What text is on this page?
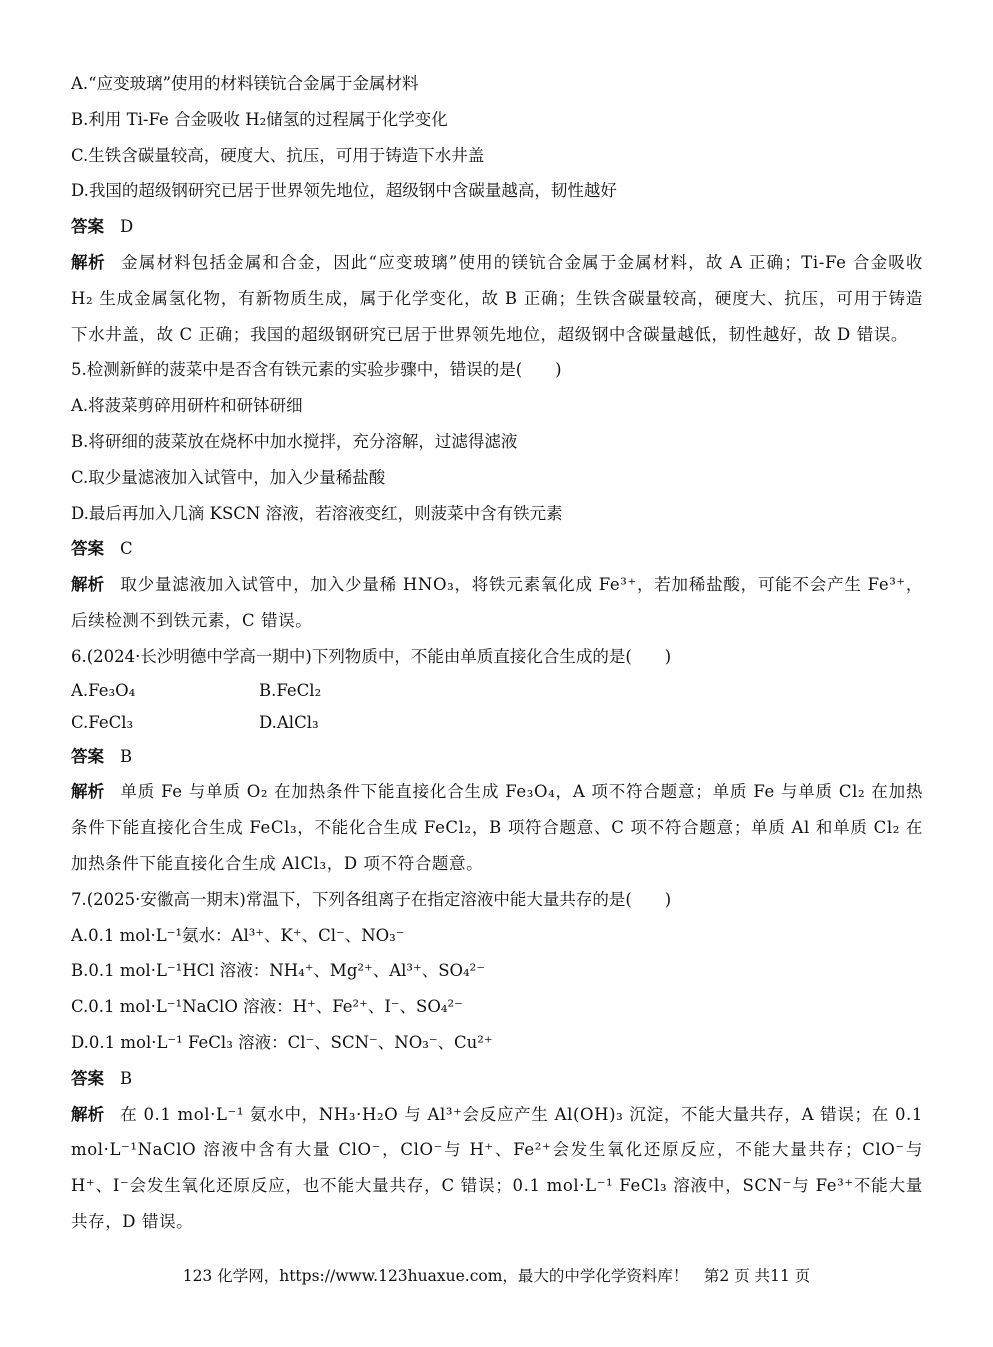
A.“应变玻璃”使用的材料镁钪合金属于金属材料
B.利用 Ti-Fe 合金吸收 H₂储氢的过程属于化学变化
C.生铁含碳量较高，硬度大、抗压，可用于铸造下水井盖
D.我国的超级钢研究已居于世界领先地位，超级钢中含碳量越高，韧性越好
答案 D
解析 金属材料包括金属和合金，因此“应变玻璃”使用的镁钪合金属于金属材料，故 A 正确；Ti-Fe 合金吸收 H₂ 生成金属氢化物，有新物质生成，属于化学变化，故 B 正确；生铁含碳量较高，硬度大、抗压，可用于铸造下水井盖，故 C 正确；我国的超级钢研究已居于世界领先地位，超级钢中含碳量越低，韧性越好，故 D 错误。
5.检测新鲜的菠菜中是否含有铁元素的实验步骤中，错误的是(　　)
A.将菠菜剪碎用研杵和研钵研细
B.将研细的菠菜放在烧杯中加水搅拌，充分溶解，过滤得滤液
C.取少量滤液加入试管中，加入少量稀盐酸
D.最后再加入几滴 KSCN 溶液，若溶液变红，则菠菜中含有铁元素
答案 C
解析 取少量滤液加入试管中，加入少量稀 HNO₃，将铁元素氧化成 Fe³⁺，若加稀盐酸，可能不会产生 Fe³⁺，后续检测不到铁元素，C 错误。
6.(2024·长沙明德中学高一期中)下列物质中，不能由单质直接化合生成的是(　　)
A.Fe₃O₄	B.FeCl₂
C.FeCl₃	D.AlCl₃
答案 B
解析 单质 Fe 与单质 O₂ 在加热条件下能直接化合生成 Fe₃O₄，A 项不符合题意；单质 Fe 与单质 Cl₂ 在加热条件下能直接化合生成 FeCl₃，不能化合生成 FeCl₂，B 项符合题意、C 项不符合题意；单质 Al 和单质 Cl₂ 在加热条件下能直接化合生成 AlCl₃，D 项不符合题意。
7.(2025·安徽高一期末)常温下，下列各组离子在指定溶液中能大量共存的是(　　)
A.0.1 mol·L⁻¹氨水：Al³⁺、K⁺、Cl⁻、NO₃⁻
B.0.1 mol·L⁻¹HCl 溶液：NH₄⁺、Mg²⁺、Al³⁺、SO₄²⁻
C.0.1 mol·L⁻¹NaClO 溶液：H⁺、Fe²⁺、I⁻、SO₄²⁻
D.0.1 mol·L⁻¹ FeCl₃ 溶液：Cl⁻、SCN⁻、NO₃⁻、Cu²⁺
答案 B
解析 在 0.1 mol·L⁻¹ 氨水中，NH₃·H₂O 与 Al³⁺会反应产生 Al(OH)₃ 沉淀，不能大量共存，A 错误；在 0.1 mol·L⁻¹NaClO 溶液中含有大量 ClO⁻，ClO⁻与 H⁺、Fe²⁺会发生氧化还原反应，不能大量共存；ClO⁻与 H⁺、I⁻会发生氧化还原反应，也不能大量共存，C 错误；0.1 mol·L⁻¹ FeCl₃ 溶液中，SCN⁻与 Fe³⁺不能大量共存，D 错误。
123 化学网，https://www.123huaxue.com，最大的中学化学资料库！　第2 页 共11 页
